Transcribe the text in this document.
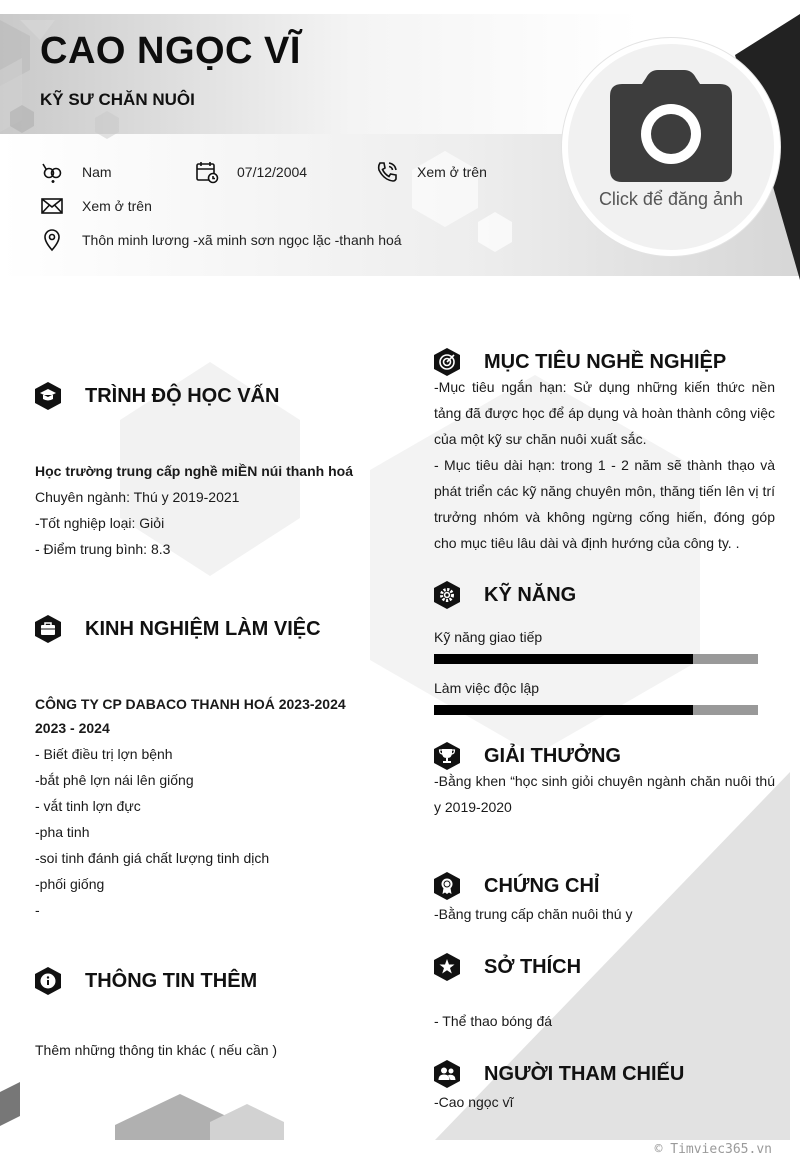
CAO NGỌC VĨ
KỸ SƯ CHĂN NUÔI
Click để đăng ảnh
Nam	07/12/2004	Xem ở trên
Xem ở trên
Thôn minh lương -xã minh sơn ngọc lặc -thanh hoá
TRÌNH ĐỘ HỌC VẤN
Học trường trung cấp nghề miỀN núi thanh hoá
Chuyên ngành: Thú y 2019-2021
-Tốt nghiệp loại: Giỏi
- Điểm trung bình: 8.3
KINH NGHIỆM LÀM VIỆC
CÔNG TY CP DABACO THANH HOÁ 2023-2024
2023 - 2024
- Biết điều trị lợn bệnh
-bắt phê lợn nái lên giống
- vắt tinh lợn đực
-pha tinh
-soi tinh đánh giá chất lượng tinh dịch
-phối giống
-
THÔNG TIN THÊM
Thêm những thông tin khác ( nếu cần )
MỤC TIÊU NGHỀ NGHIỆP
-Mục tiêu ngắn hạn: Sử dụng những kiến thức nền tảng đã được học để áp dụng và hoàn thành công việc của một kỹ sư chăn nuôi xuất sắc.
- Mục tiêu dài hạn: trong 1 - 2 năm sẽ thành thạo và phát triển các kỹ năng chuyên môn, thăng tiến lên vị trí trưởng nhóm và không ngừng cống hiến, đóng góp cho mục tiêu lâu dài và định hướng của công ty. .
KỸ NĂNG
Kỹ năng giao tiếp
Làm việc độc lập
GIẢI THƯỞNG
-Bằng khen “học sinh giỏi chuyên ngành chăn nuôi thú y 2019-2020
CHỨNG CHỈ
-Bằng trung cấp chăn nuôi thú y
SỞ THÍCH
- Thể thao bóng đá
NGƯỜI THAM CHIẾU
-Cao ngọc vĩ
© Timviec365.vn
